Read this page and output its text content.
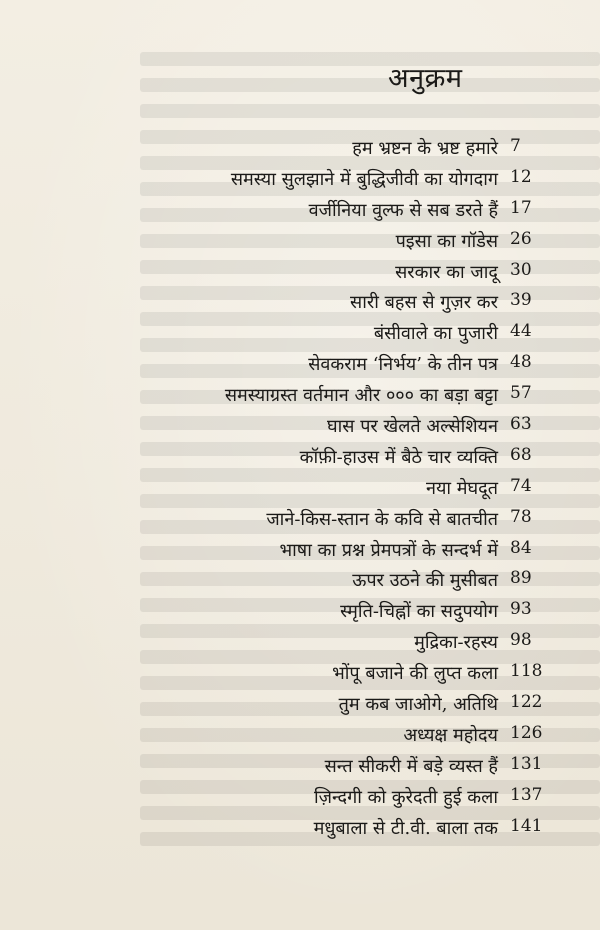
अनुक्रम
हम भ्रष्टन के भ्रष्ट हमारे 7
समस्या सुलझाने में बुद्धिजीवी का योगदाग 12
वर्जीनिया वुल्फ से सब डरते हैं 17
पइसा का गॉडेस 26
सरकार का जादू 30
सारी बहस से गुज़र कर 39
बंसीवाले का पुजारी 44
सेवकराम ‘निर्भय’ के तीन पत्र 48
समस्याग्रस्त वर्तमान और ००० का बड़ा बट्टा 57
घास पर खेलते अल्सेशियन 63
कॉफ़ी-हाउस में बैठे चार व्यक्ति 68
नया मेघदूत 74
जाने-किस-स्तान के कवि से बातचीत 78
भाषा का प्रश्न प्रेमपत्रों के सन्दर्भ में 84
ऊपर उठने की मुसीबत 89
स्मृति-चिह्नों का सदुपयोग 93
मुद्रिका-रहस्य 98
भोंपू बजाने की लुप्त कला 118
तुम कब जाओगे, अतिथि 122
अध्यक्ष महोदय 126
सन्त सीकरी में बड़े व्यस्त हैं 131
ज़िन्दगी को कुरेदती हुई कला 137
मधुबाला से टी.वी. बाला तक 141
